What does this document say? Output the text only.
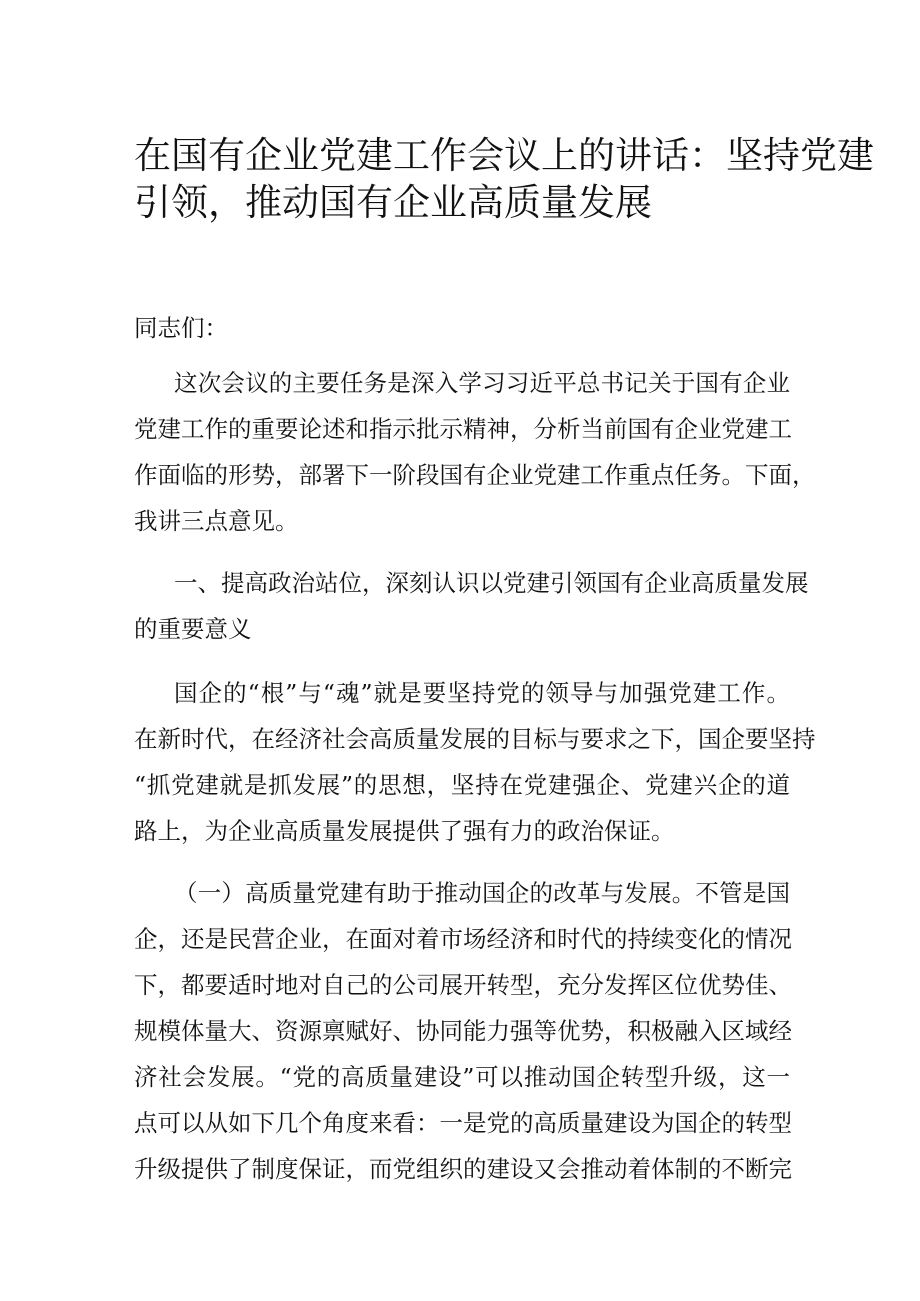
在国有企业党建工作会议上的讲话：坚持党建
引领，推动国有企业高质量发展
同志们：
这次会议的主要任务是深入学习习近平总书记关于国有企业
党建工作的重要论述和指示批示精神，分析当前国有企业党建工
作面临的形势，部署下一阶段国有企业党建工作重点任务。下面，
我讲三点意见。
一、提高政治站位，深刻认识以党建引领国有企业高质量发展
的重要意义
国企的“根”与“魂”就是要坚持党的领导与加强党建工作。
在新时代，在经济社会高质量发展的目标与要求之下，国企要坚持
“抓党建就是抓发展”的思想，坚持在党建强企、党建兴企的道
路上，为企业高质量发展提供了强有力的政治保证。
（一）高质量党建有助于推动国企的改革与发展。不管是国
企，还是民营企业，在面对着市场经济和时代的持续变化的情况
下，都要适时地对自己的公司展开转型，充分发挥区位优势佳、
规模体量大、资源禀赋好、协同能力强等优势，积极融入区域经
济社会发展。“党的高质量建设”可以推动国企转型升级，这一
点可以从如下几个角度来看：一是党的高质量建设为国企的转型
升级提供了制度保证，而党组织的建设又会推动着体制的不断完
